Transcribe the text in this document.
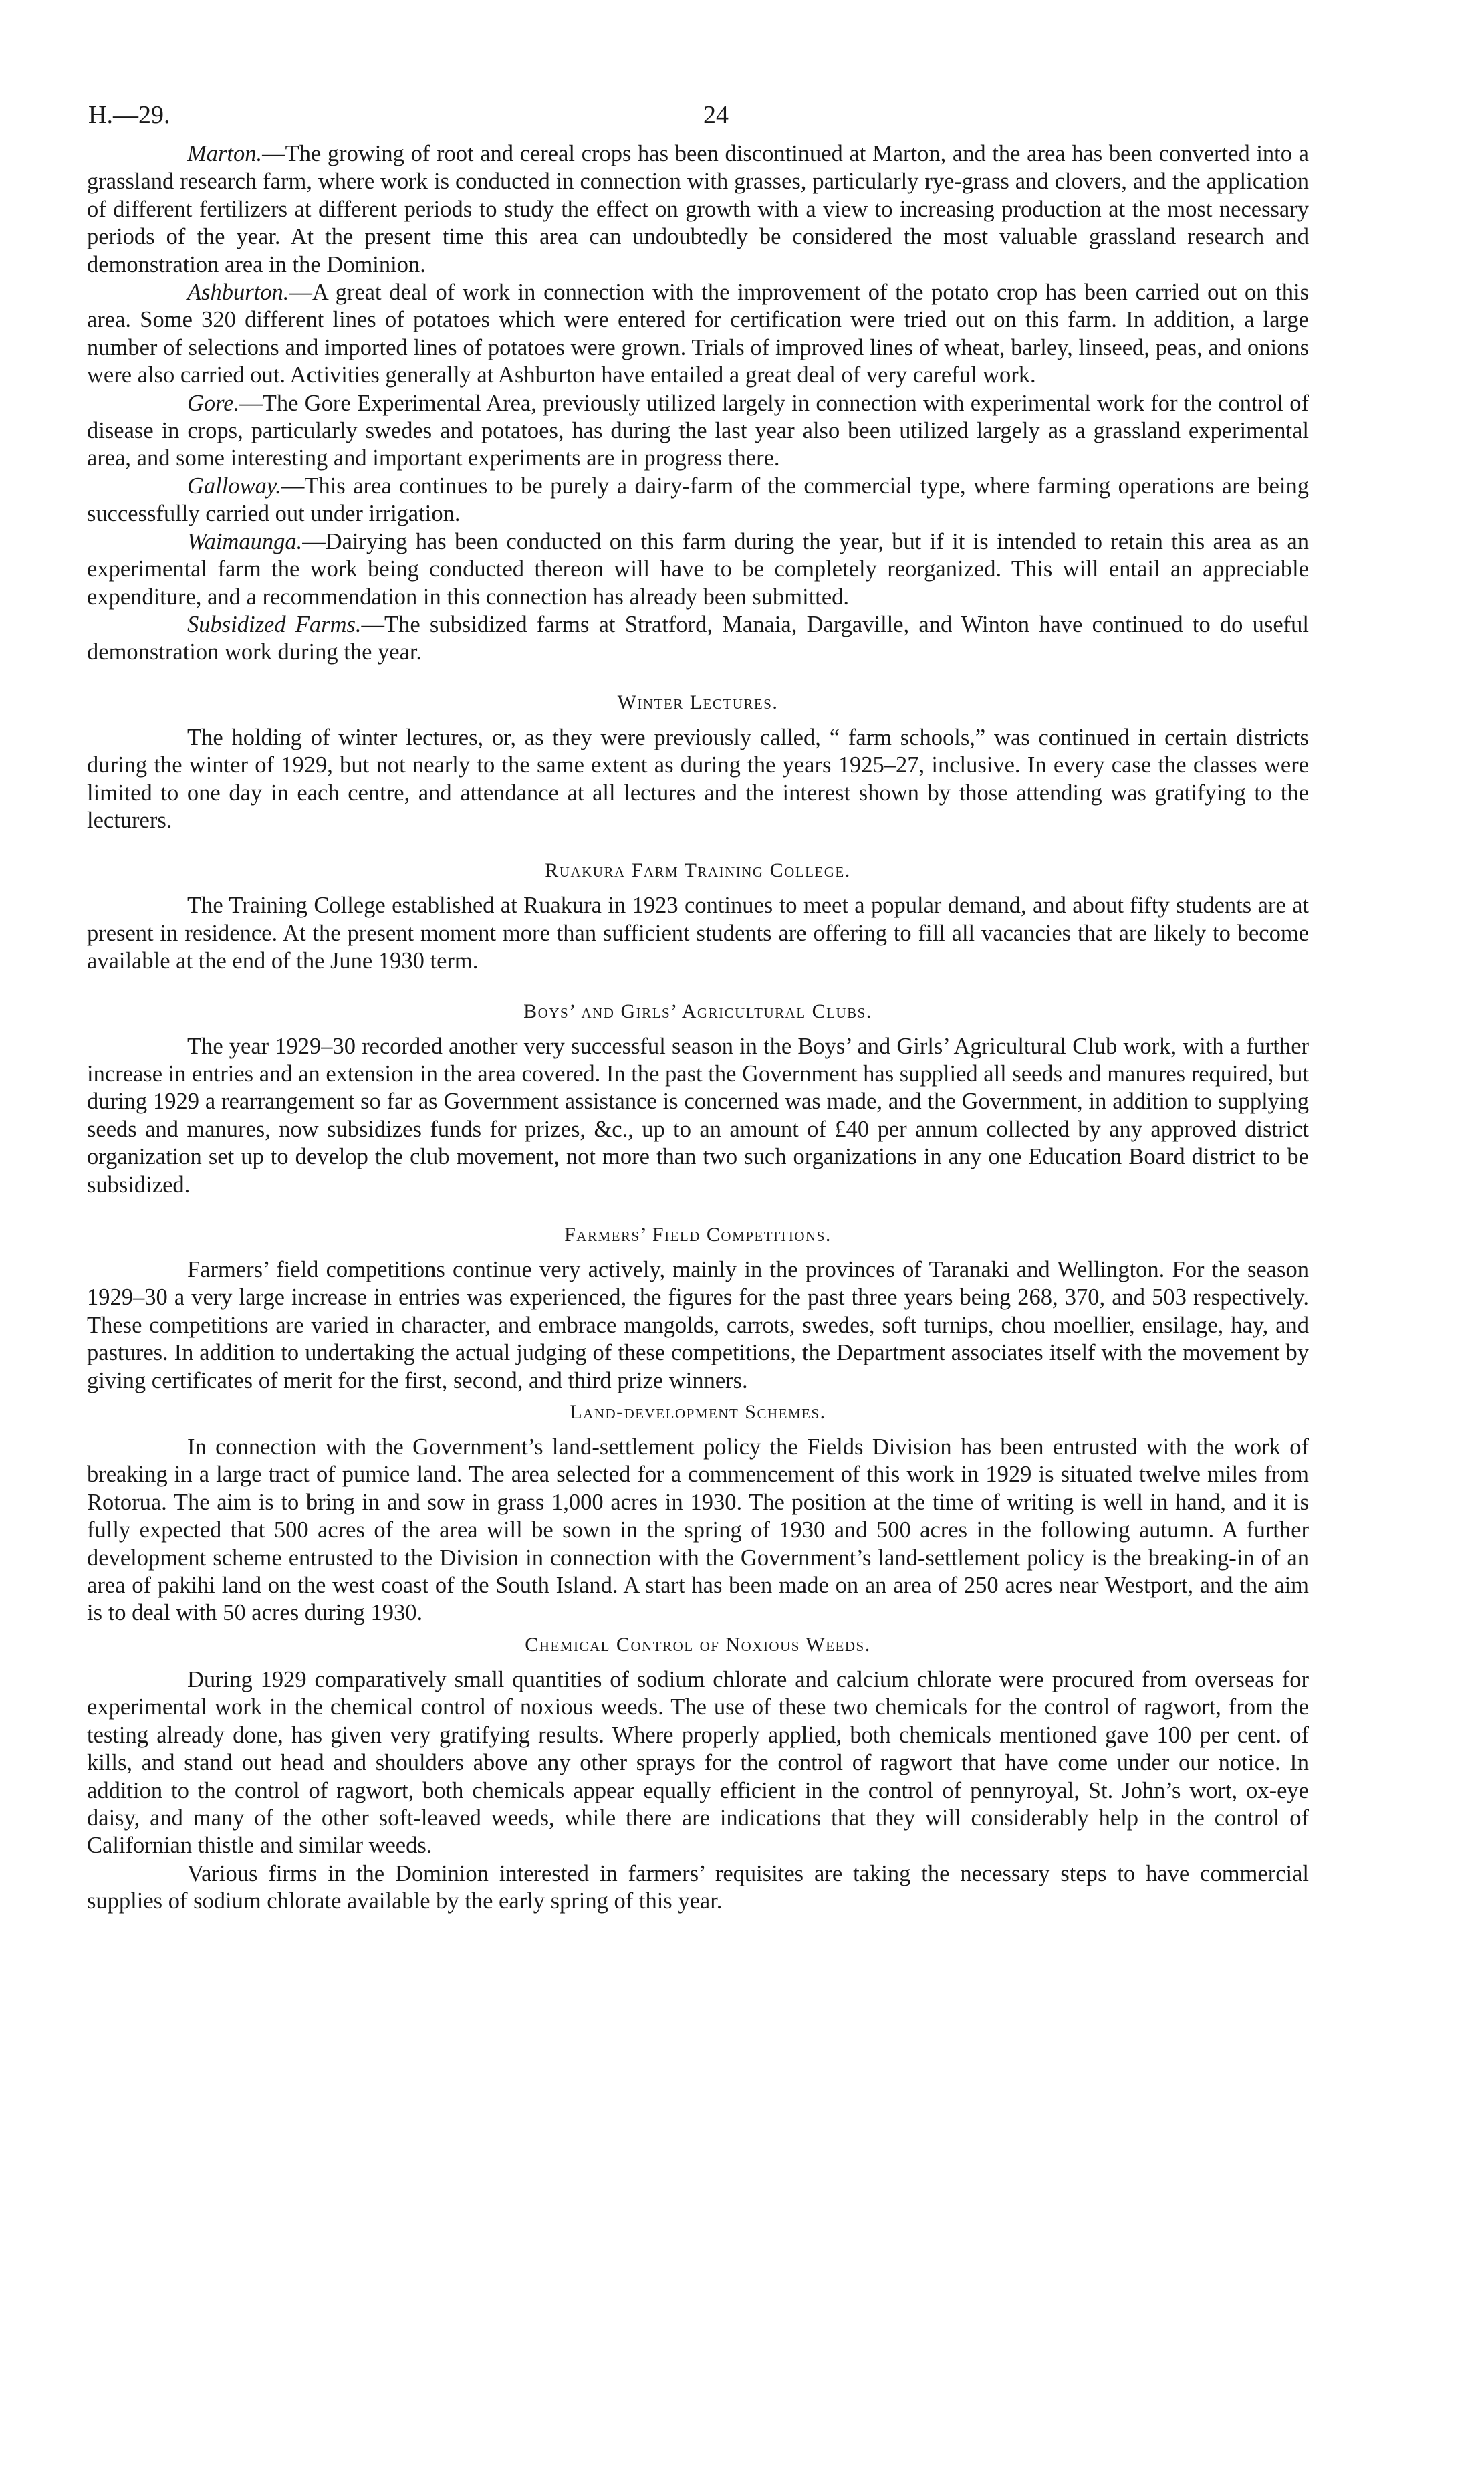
H.—29.	24

Marton.—The growing of root and cereal crops has been discontinued at Marton, and the area has been converted into a grassland research farm, where work is conducted in connection with grasses, particularly rye-grass and clovers, and the application of different fertilizers at different periods to study the effect on growth with a view to increasing production at the most necessary periods of the year. At the present time this area can undoubtedly be considered the most valuable grassland research and demonstration area in the Dominion.

Ashburton.—A great deal of work in connection with the improvement of the potato crop has been carried out on this area. Some 320 different lines of potatoes which were entered for certification were tried out on this farm. In addition, a large number of selections and imported lines of potatoes were grown. Trials of improved lines of wheat, barley, linseed, peas, and onions were also carried out. Activities generally at Ashburton have entailed a great deal of very careful work.

Gore.—The Gore Experimental Area, previously utilized largely in connection with experimental work for the control of disease in crops, particularly swedes and potatoes, has during the last year also been utilized largely as a grassland experimental area, and some interesting and important experiments are in progress there.

Galloway.—This area continues to be purely a dairy-farm of the commercial type, where farming operations are being successfully carried out under irrigation.

Waimaunga.—Dairying has been conducted on this farm during the year, but if it is intended to retain this area as an experimental farm the work being conducted thereon will have to be completely reorganized. This will entail an appreciable expenditure, and a recommendation in this connection has already been submitted.

Subsidized Farms.—The subsidized farms at Stratford, Manaia, Dargaville, and Winton have continued to do useful demonstration work during the year.

Winter Lectures.

The holding of winter lectures, or, as they were previously called, “ farm schools,” was continued in certain districts during the winter of 1929, but not nearly to the same extent as during the years 1925–27, inclusive. In every case the classes were limited to one day in each centre, and attendance at all lectures and the interest shown by those attending was gratifying to the lecturers.

Ruakura Farm Training College.

The Training College established at Ruakura in 1923 continues to meet a popular demand, and about fifty students are at present in residence. At the present moment more than sufficient students are offering to fill all vacancies that are likely to become available at the end of the June 1930 term.

Boys’ and Girls’ Agricultural Clubs.

The year 1929–30 recorded another very successful season in the Boys’ and Girls’ Agricultural Club work, with a further increase in entries and an extension in the area covered. In the past the Government has supplied all seeds and manures required, but during 1929 a rearrangement so far as Government assistance is concerned was made, and the Government, in addition to supplying seeds and manures, now subsidizes funds for prizes, &c., up to an amount of £40 per annum collected by any approved district organization set up to develop the club movement, not more than two such organizations in any one Education Board district to be subsidized.

Farmers’ Field Competitions.

Farmers’ field competitions continue very actively, mainly in the provinces of Taranaki and Wellington. For the season 1929–30 a very large increase in entries was experienced, the figures for the past three years being 268, 370, and 503 respectively. These competitions are varied in character, and embrace mangolds, carrots, swedes, soft turnips, chou moellier, ensilage, hay, and pastures. In addition to undertaking the actual judging of these competitions, the Department associates itself with the movement by giving certificates of merit for the first, second, and third prize winners.

Land-development Schemes.

In connection with the Government’s land-settlement policy the Fields Division has been entrusted with the work of breaking in a large tract of pumice land. The area selected for a commencement of this work in 1929 is situated twelve miles from Rotorua. The aim is to bring in and sow in grass 1,000 acres in 1930. The position at the time of writing is well in hand, and it is fully expected that 500 acres of the area will be sown in the spring of 1930 and 500 acres in the following autumn. A further development scheme entrusted to the Division in connection with the Government’s land-settlement policy is the breaking-in of an area of pakihi land on the west coast of the South Island. A start has been made on an area of 250 acres near Westport, and the aim is to deal with 50 acres during 1930.

Chemical Control of Noxious Weeds.

During 1929 comparatively small quantities of sodium chlorate and calcium chlorate were procured from overseas for experimental work in the chemical control of noxious weeds. The use of these two chemicals for the control of ragwort, from the testing already done, has given very gratifying results. Where properly applied, both chemicals mentioned gave 100 per cent. of kills, and stand out head and shoulders above any other sprays for the control of ragwort that have come under our notice. In addition to the control of ragwort, both chemicals appear equally efficient in the control of pennyroyal, St. John’s wort, ox-eye daisy, and many of the other soft-leaved weeds, while there are indications that they will considerably help in the control of Californian thistle and similar weeds.

Various firms in the Dominion interested in farmers’ requisites are taking the necessary steps to have commercial supplies of sodium chlorate available by the early spring of this year.
